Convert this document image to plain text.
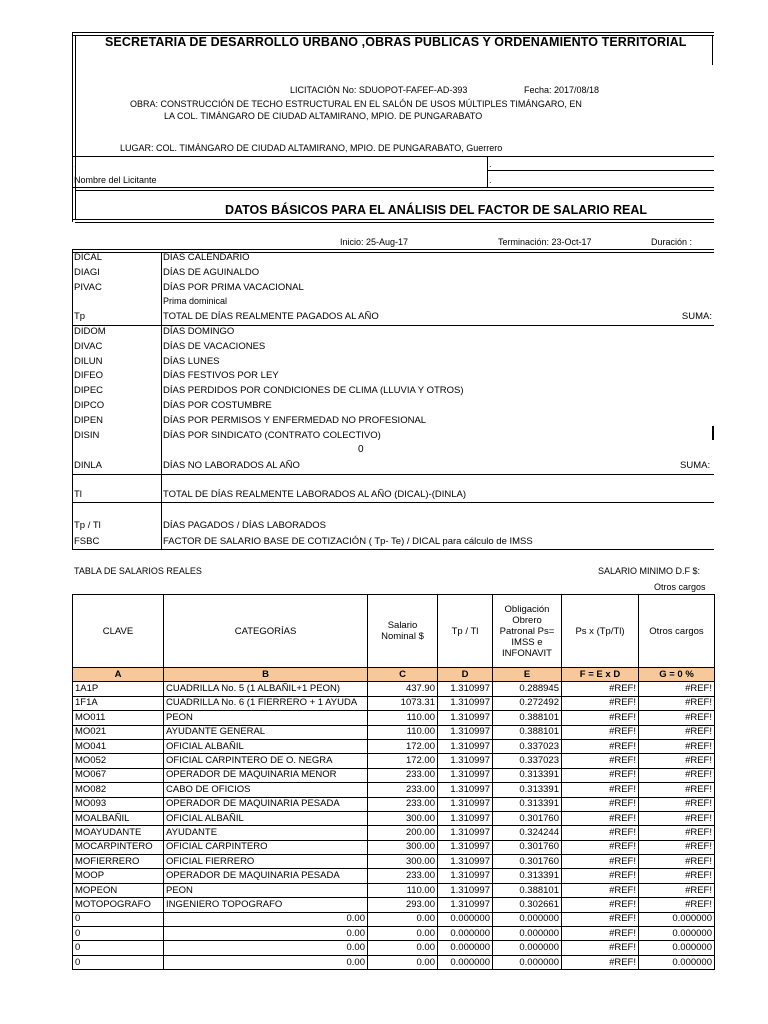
SECRETARIA DE DESARROLLO URBANO ,OBRAS PUBLICAS Y ORDENAMIENTO TERRITORIAL
LICITACIÓN No: SDUOPOT-FAFEF-AD-393	Fecha: 2017/08/18
OBRA: CONSTRUCCIÓN DE TECHO ESTRUCTURAL EN EL SALÓN DE USOS MÚLTIPLES TIMÁNGARO, EN
LA COL. TIMÁNGARO DE CIUDAD ALTAMIRANO, MPIO. DE PUNGARABATO
LUGAR: COL. TIMÁNGARO DE CIUDAD ALTAMIRANO, MPIO. DE PUNGARABATO, Guerrero
.	.
Nombre del Licitante	.
DATOS BÁSICOS PARA EL ANÁLISIS DEL FACTOR DE SALARIO REAL
Inicio: 25-Aug-17	Terminación: 23-Oct-17	Duración :
DICAL	DÍAS CALENDARIO
DIAGI	DÍAS DE AGUINALDO
PIVAC	DÍAS POR PRIMA VACACIONAL
Prima dominical
Tp	TOTAL DE DÍAS REALMENTE PAGADOS AL AÑO	SUMA:
DIDOM	DÍAS DOMINGO
DIVAC	DÍAS DE VACACIONES
DILUN	DÍAS LUNES
DIFEO	DÍAS FESTIVOS POR LEY
DIPEC	DÍAS PERDIDOS POR CONDICIONES DE CLIMA (LLUVIA Y OTROS)
DIPCO	DÍAS POR COSTUMBRE
DIPEN	DÍAS POR PERMISOS Y ENFERMEDAD NO PROFESIONAL
DISIN	DÍAS POR SINDICATO (CONTRATO COLECTIVO)
0
DINLA	DÍAS NO LABORADOS AL AÑO	SUMA:
Tl	TOTAL DE DÍAS REALMENTE LABORADOS AL AÑO (DICAL)-(DINLA)
Tp / Tl	DÍAS PAGADOS / DÍAS LABORADOS
FSBC	FACTOR DE SALARIO BASE DE COTIZACIÓN ( Tp- Te) / DICAL para cálculo de IMSS
TABLA DE SALARIOS REALES	SALARIO MINIMO D.F $:
Otros cargos
CLAVE	CATEGORÍAS	Salario Nominal $	Tp / Tl	Obligación Obrero Patronal Ps= IMSS e INFONAVIT	Ps x (Tp/Tl)	Otros cargos
A	B	C	D	E	F = E x D	G = 0 %
1A1P	CUADRILLA No. 5 (1 ALBAÑIL+1 PEON)	437.90	1.310997	0.288945	#REF!	#REF!
1F1A	CUADRILLA No. 6 (1 FIERRERO + 1 AYUDA	1073.31	1.310997	0.272492	#REF!	#REF!
MO011	PEON	110.00	1.310997	0.388101	#REF!	#REF!
MO021	AYUDANTE GENERAL	110.00	1.310997	0.388101	#REF!	#REF!
MO041	OFICIAL ALBAÑIL	172.00	1.310997	0.337023	#REF!	#REF!
MO052	OFICIAL CARPINTERO DE O. NEGRA	172.00	1.310997	0.337023	#REF!	#REF!
MO067	OPERADOR DE MAQUINARIA MENOR	233.00	1.310997	0.313391	#REF!	#REF!
MO082	CABO DE OFICIOS	233.00	1.310997	0.313391	#REF!	#REF!
MO093	OPERADOR DE MAQUINARIA PESADA	233.00	1.310997	0.313391	#REF!	#REF!
MOALBAÑIL	OFICIAL ALBAÑIL	300.00	1.310997	0.301760	#REF!	#REF!
MOAYUDANTE	AYUDANTE	200.00	1.310997	0.324244	#REF!	#REF!
MOCARPINTERO	OFICIAL CARPINTERO	300.00	1.310997	0.301760	#REF!	#REF!
MOFIERRERO	OFICIAL FIERRERO	300.00	1.310997	0.301760	#REF!	#REF!
MOOP	OPERADOR DE MAQUINARIA PESADA	233.00	1.310997	0.313391	#REF!	#REF!
MOPEON	PEON	110.00	1.310997	0.388101	#REF!	#REF!
MOTOPOGRAFO	INGENIERO TOPOGRAFO	293.00	1.310997	0.302661	#REF!	#REF!
0	0.00	0.00	0.000000	0.000000	#REF!	0.000000
0	0.00	0.00	0.000000	0.000000	#REF!	0.000000
0	0.00	0.00	0.000000	0.000000	#REF!	0.000000
0	0.00	0.00	0.000000	0.000000	#REF!	0.000000
